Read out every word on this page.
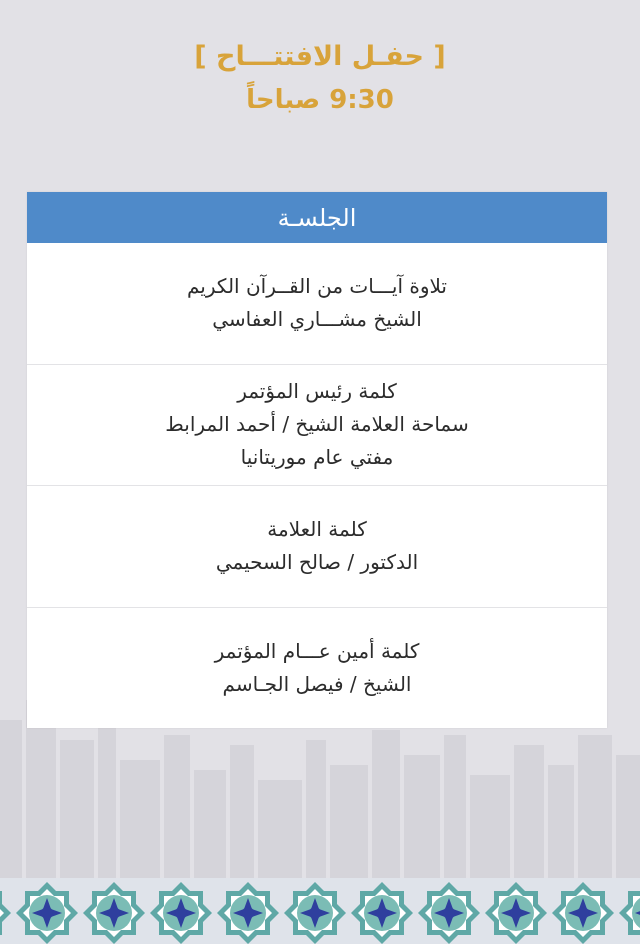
[ حفـل الافتتـــاح ]
9:30 صباحاً
الجلسـة
تلاوة آيـــات من القــرآن الكريم
الشيخ مشـــاري العفاسي
كلمة رئيس المؤتمر
سماحة العلامة الشيخ / أحمد المرابط
مفتي عام موريتانيا
كلمة العلامة
الدكتور / صالح السحيمي
كلمة أمين عـــام المؤتمر
الشيخ / فيصل الجـاسم
